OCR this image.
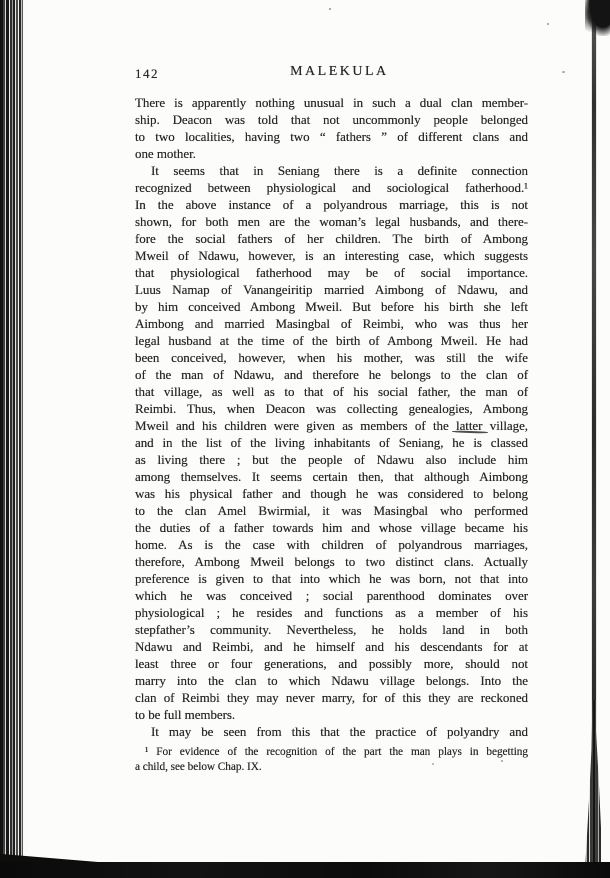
142	MALEKULA
There is apparently nothing unusual in such a dual clan member-
ship. Deacon was told that not uncommonly people belonged
to two localities, having two “ fathers ” of different clans and
one mother.
It seems that in Seniang there is a definite connection
recognized between physiological and sociological fatherhood.¹
In the above instance of a polyandrous marriage, this is not
shown, for both men are the woman’s legal husbands, and there-
fore the social fathers of her children. The birth of Ambong
Mweil of Ndawu, however, is an interesting case, which suggests
that physiological fatherhood may be of social importance.
Luus Namap of Vanangeiritip married Aimbong of Ndawu, and
by him conceived Ambong Mweil. But before his birth she left
Aimbong and married Masingbal of Reimbi, who was thus her
legal husband at the time of the birth of Ambong Mweil. He had
been conceived, however, when his mother, was still the wife
of the man of Ndawu, and therefore he belongs to the clan of
that village, as well as to that of his social father, the man of
Reimbi. Thus, when Deacon was collecting genealogies, Ambong
Mweil and his children were given as members of the latter village,
and in the list of the living inhabitants of Seniang, he is classed
as living there ; but the people of Ndawu also include him
among themselves. It seems certain then, that although Aimbong
was his physical father and though he was considered to belong
to the clan Amel Bwirmial, it was Masingbal who performed
the duties of a father towards him and whose village became his
home. As is the case with children of polyandrous marriages,
therefore, Ambong Mweil belongs to two distinct clans. Actually
preference is given to that into which he was born, not that into
which he was conceived ; social parenthood dominates over
physiological ; he resides and functions as a member of his
stepfather’s community. Nevertheless, he holds land in both
Ndawu and Reimbi, and he himself and his descendants for at
least three or four generations, and possibly more, should not
marry into the clan to which Ndawu village belongs. Into the
clan of Reimbi they may never marry, for of this they are reckoned
to be full members.
It may be seen from this that the practice of polyandry and
¹ For evidence of the recognition of the part the man plays in begetting
a child, see below Chap. IX.
